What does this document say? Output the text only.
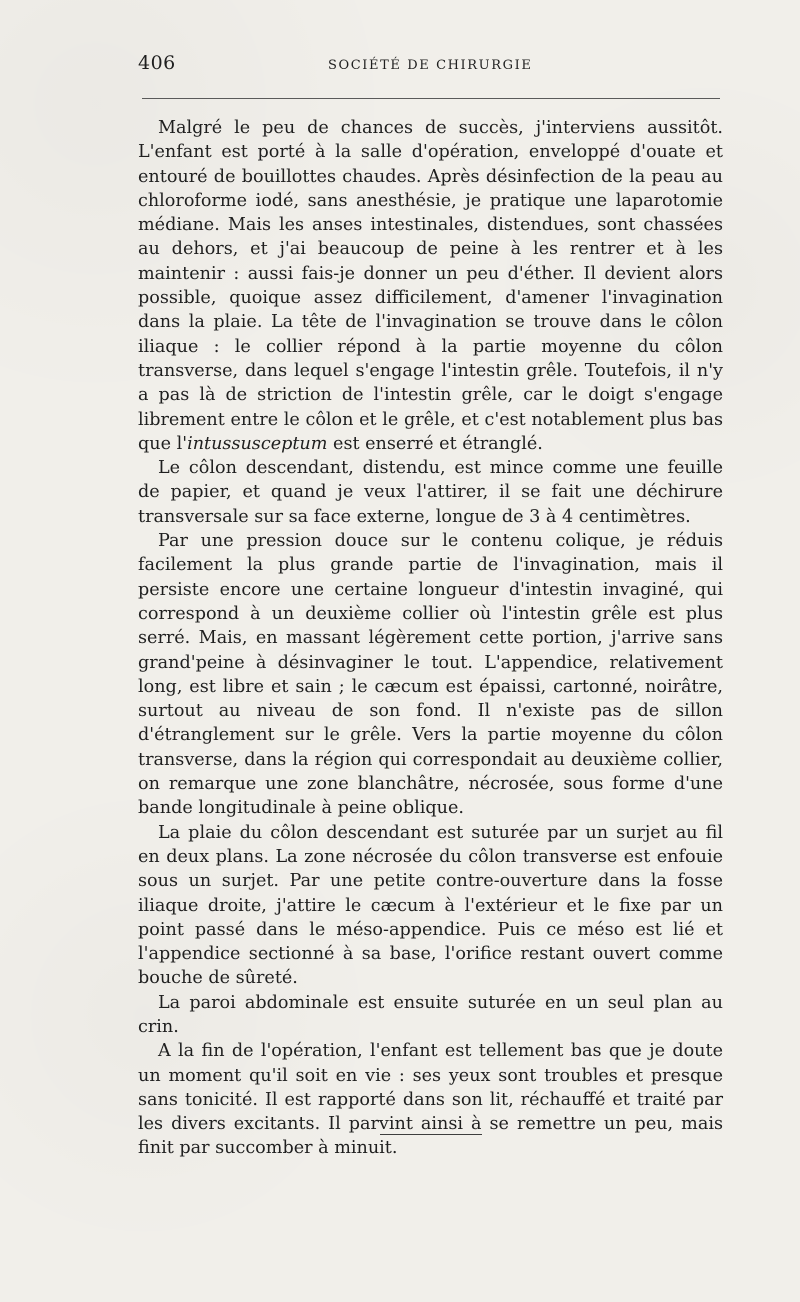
406	SOCIÉTÉ DE CHIRURGIE

Malgré le peu de chances de succès, j'interviens aussitôt. L'enfant est porté à la salle d'opération, enveloppé d'ouate et entouré de bouillottes chaudes. Après désinfection de la peau au chloroforme iodé, sans anesthésie, je pratique une laparotomie médiane. Mais les anses intestinales, distendues, sont chassées au dehors, et j'ai beaucoup de peine à les rentrer et à les maintenir : aussi fais-je donner un peu d'éther. Il devient alors possible, quoique assez difficilement, d'amener l'invagination dans la plaie. La tête de l'invagination se trouve dans le côlon iliaque : le collier répond à la partie moyenne du côlon transverse, dans lequel s'engage l'intestin grêle. Toutefois, il n'y a pas là de striction de l'intestin grêle, car le doigt s'engage librement entre le côlon et le grêle, et c'est notablement plus bas que l'intussusceptum est enserré et étranglé.

Le côlon descendant, distendu, est mince comme une feuille de papier, et quand je veux l'attirer, il se fait une déchirure transversale sur sa face externe, longue de 3 à 4 centimètres.

Par une pression douce sur le contenu colique, je réduis facilement la plus grande partie de l'invagination, mais il persiste encore une certaine longueur d'intestin invaginé, qui correspond à un deuxième collier où l'intestin grêle est plus serré. Mais, en massant légèrement cette portion, j'arrive sans grand'peine à désinvaginer le tout. L'appendice, relativement long, est libre et sain ; le cæcum est épaissi, cartonné, noirâtre, surtout au niveau de son fond. Il n'existe pas de sillon d'étranglement sur le grêle. Vers la partie moyenne du côlon transverse, dans la région qui correspondait au deuxième collier, on remarque une zone blanchâtre, nécrosée, sous forme d'une bande longitudinale à peine oblique.

La plaie du côlon descendant est suturée par un surjet au fil en deux plans. La zone nécrosée du côlon transverse est enfouie sous un surjet. Par une petite contre-ouverture dans la fosse iliaque droite, j'attire le cæcum à l'extérieur et le fixe par un point passé dans le méso-appendice. Puis ce méso est lié et l'appendice sectionné à sa base, l'orifice restant ouvert comme bouche de sûreté.

La paroi abdominale est ensuite suturée en un seul plan au crin.

A la fin de l'opération, l'enfant est tellement bas que je doute un moment qu'il soit en vie : ses yeux sont troubles et presque sans tonicité. Il est rapporté dans son lit, réchauffé et traité par les divers excitants. Il parvint ainsi à se remettre un peu, mais finit par succomber à minuit.
